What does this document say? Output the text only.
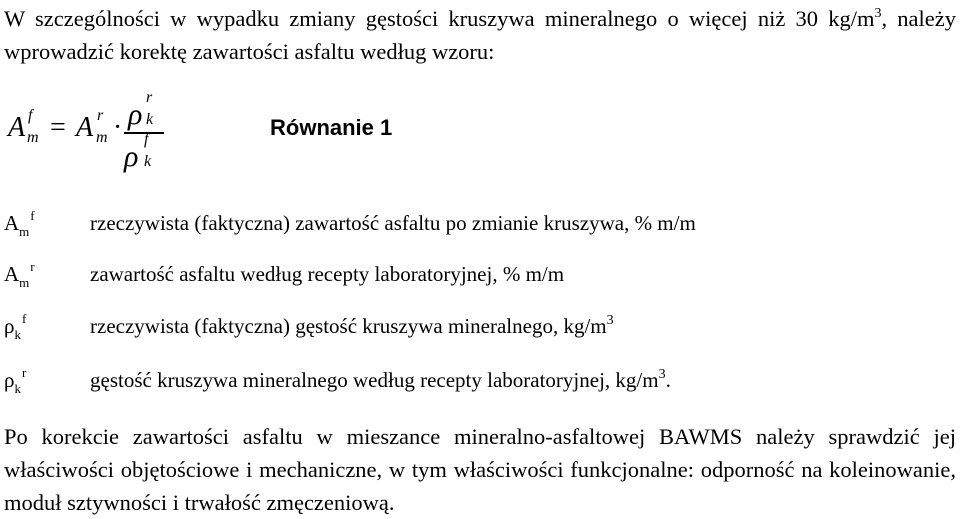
W szczególności w wypadku zmiany gęstości kruszywa mineralnego o więcej niż 30 $kg/m^3$, należy wprowadzić korektę zawartości asfaltu według wzoru:

A f
m = A r
m · ρ
r
k
ρ
f
k
Równanie 1
$A_m^f$	rzeczywista (faktyczna) zawartość asfaltu po zmianie kruszywa, % m/m
$A_m^r$	zawartość asfaltu według recepty laboratoryjnej, % m/m
$\rho_k^f$	rzeczywista (faktyczna) gęstość kruszywa mineralnego, $kg/m^3$
$\rho_k^r$	gęstość kruszywa mineralnego według recepty laboratoryjnej, $kg/m^3$.

Po korekcie zawartości asfaltu w mieszance mineralno-asfaltowej BAWMS należy sprawdzić jej właściwości objętościowe i mechaniczne, w tym właściwości funkcjonalne: odporność na koleinowanie, moduł sztywności i trwałość zmęczeniową.
